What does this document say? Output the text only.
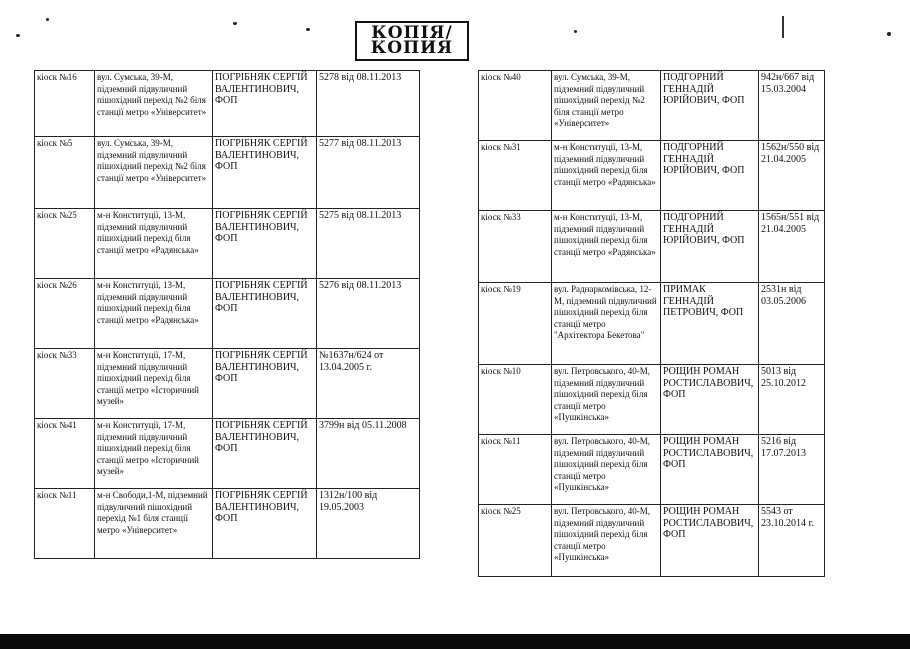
КОПІЯ/
КОПИЯ
кіоск №16	вул. Сумська, 39-М, підземний підвуличний пішохідний перехід №2 біля станції метро «Університет»	ПОГРІБНЯК СЕРГІЙ ВАЛЕНТИНОВИЧ, ФОП	5278 від 08.11.2013
кіоск №5	вул. Сумська, 39-М, підземний підвуличний пішохідний перехід №2 біля станції метро «Університет»	ПОГРІБНЯК СЕРГІЙ ВАЛЕНТИНОВИЧ, ФОП	5277 від 08.11.2013
кіоск №25	м-н Конституції, 13-М, підземний підвуличний пішохідний перехід біля станції метро «Радянська»	ПОГРІБНЯК СЕРГІЙ ВАЛЕНТИНОВИЧ, ФОП	5275 від 08.11.2013
кіоск №26	м-н Конституції, 13-М, підземний підвуличний пішохідний перехід біля станції метро «Радянська»	ПОГРІБНЯК СЕРГІЙ ВАЛЕНТИНОВИЧ, ФОП	5276 від 08.11.2013
кіоск №33	м-н Конституції, 17-М, підземний підвуличний пішохідний перехід біля станції метро «Історичний музей»	ПОГРІБНЯК СЕРГІЙ ВАЛЕНТИНОВИЧ, ФОП	№1637н/624 от 13.04.2005 г.
кіоск №41	м-н Конституції, 17-М, підземний підвуличний пішохідний перехід біля станції метро «Історичний музей»	ПОГРІБНЯК СЕРГІЙ ВАЛЕНТИНОВИЧ, ФОП	3799н від 05.11.2008
кіоск №11	м-н Свободи,1-М, підземний підвуличний пішохідний перехід №1 біля станції метро «Університет»	ПОГРІБНЯК СЕРГІЙ ВАЛЕНТИНОВИЧ, ФОП	1312н/100 від 19.05.2003
кіоск №40	вул. Сумська, 39-М, підземний підвуличний пішохідний перехід №2 біля станції метро «Університет»	ПОДГОРНИЙ ГЕННАДІЙ ЮРІЙОВИЧ, ФОП	942н/667 від 15.03.2004
кіоск №31	м-н Конституції, 13-М, підземний підвуличний пішохідний перехід біля станції метро «Радянська»	ПОДГОРНИЙ ГЕННАДІЙ ЮРІЙОВИЧ, ФОП	1562н/550 від 21.04.2005
кіоск №33	м-н Конституції, 13-М, підземний підвуличний пішохідний перехід біля станції метро «Радянська»	ПОДГОРНИЙ ГЕННАДІЙ ЮРІЙОВИЧ, ФОП	1565н/551 від 21.04.2005
кіоск №19	вул. Раднаркомівська, 12-М, підземний підвуличний пішохідний перехід біля станції метро "Архітектора Бекетова"	ПРИМАК ГЕННАДІЙ ПЕТРОВИЧ, ФОП	2531н від 03.05.2006
кіоск №10	вул. Петровського, 40-М, підземний підвуличний пішохідний перехід біля станції метро «Пушкінська»	РОЩИН РОМАН РОСТИСЛАВОВИЧ, ФОП	5013 від 25.10.2012
кіоск №11	вул. Петровського, 40-М, підземний підвуличний пішохідний перехід біля станції метро «Пушкінська»	РОЩИН РОМАН РОСТИСЛАВОВИЧ, ФОП	5216 від 17.07.2013
кіоск №25	вул. Петровського, 40-М, підземний підвуличний пішохідний перехід біля станції метро «Пушкінська»	РОЩИН РОМАН РОСТИСЛАВОВИЧ, ФОП	5543 от 23.10.2014 г.
